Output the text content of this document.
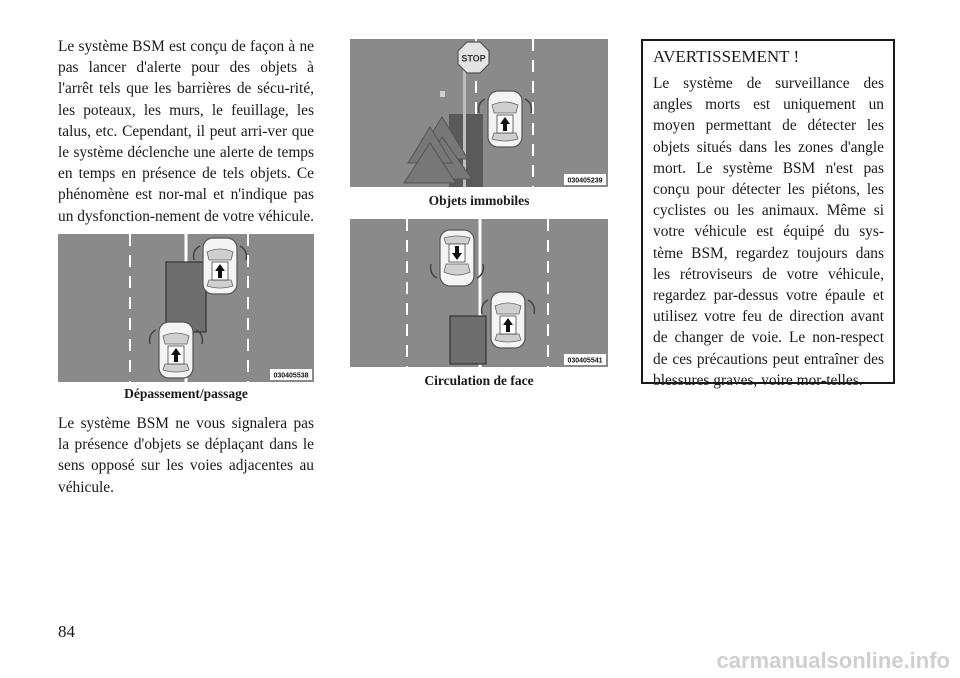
Le système BSM est conçu de façon à ne pas lancer d'alerte pour des objets à l'arrêt tels que les barrières de sécu-rité, les poteaux, les murs, le feuillage, les talus, etc. Cependant, il peut arri-ver que le système déclenche une alerte de temps en temps en présence de tels objets. Ce phénomène est nor-mal et n'indique pas un dysfonction-nement de votre véhicule.

030405538
Dépassement/passage

Le système BSM ne vous signalera pas la présence d'objets se déplaçant dans le sens opposé sur les voies adjacentes au véhicule.

STOP
030405239
Objets immobiles
030405541
Circulation de face
AVERTISSEMENT !

Le système de surveillance des angles morts est uniquement un moyen permettant de détecter les objets situés dans les zones d'angle mort. Le système BSM n'est pas conçu pour détecter les piétons, les cyclistes ou les animaux. Même si votre véhicule est équipé du sys-tème BSM, regardez toujours dans les rétroviseurs de votre véhicule, regardez par-dessus votre épaule et utilisez votre feu de direction avant de changer de voie. Le non-respect de ces précautions peut entraîner des blessures graves, voire mor-telles.

84
carmanualsonline.info
